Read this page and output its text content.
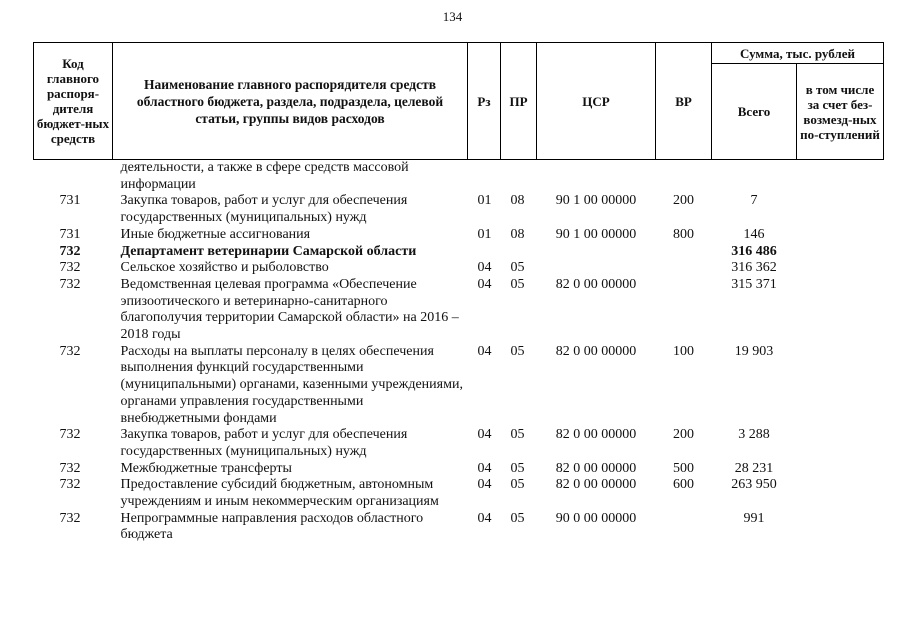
134
Код главного распоря-дителя бюджет-ных средств	Наименование главного распорядителя средств областного бюджета, раздела, подраздела, целевой статьи, группы видов расходов	Рз	ПР	ЦСР	ВР	Сумма, тыс. рублей	
						Всего	в том числе за счет без-возмезд-ных по-ступлений
	деятельности, а также в сфере средств массовой информации						
731	Закупка товаров, работ и услуг для обеспечения государственных (муниципальных) нужд	01	08	90 1 00 00000	200	7	
731	Иные бюджетные ассигнования	01	08	90 1 00 00000	800	146	
732	Департамент ветеринарии Самарской области					316 486	
732	Сельское хозяйство и рыболовство	04	05			316 362	
732	Ведомственная целевая программа «Обеспечение эпизоотического и ветеринарно-санитарного благополучия территории Самарской области» на 2016 – 2018 годы	04	05	82 0 00 00000		315 371	
732	Расходы на выплаты персоналу в целях обеспечения выполнения функций государственными (муниципальными) органами, казенными учреждениями, органами управления государственными внебюджетными фондами	04	05	82 0 00 00000	100	19 903	
732	Закупка товаров, работ и услуг для обеспечения государственных (муниципальных) нужд	04	05	82 0 00 00000	200	3 288	
732	Межбюджетные трансферты	04	05	82 0 00 00000	500	28 231	
732	Предоставление субсидий бюджетным, автономным учреждениям и иным некоммерческим организациям	04	05	82 0 00 00000	600	263 950	
732	Непрограммные направления расходов областного бюджета	04	05	90 0 00 00000		991	
